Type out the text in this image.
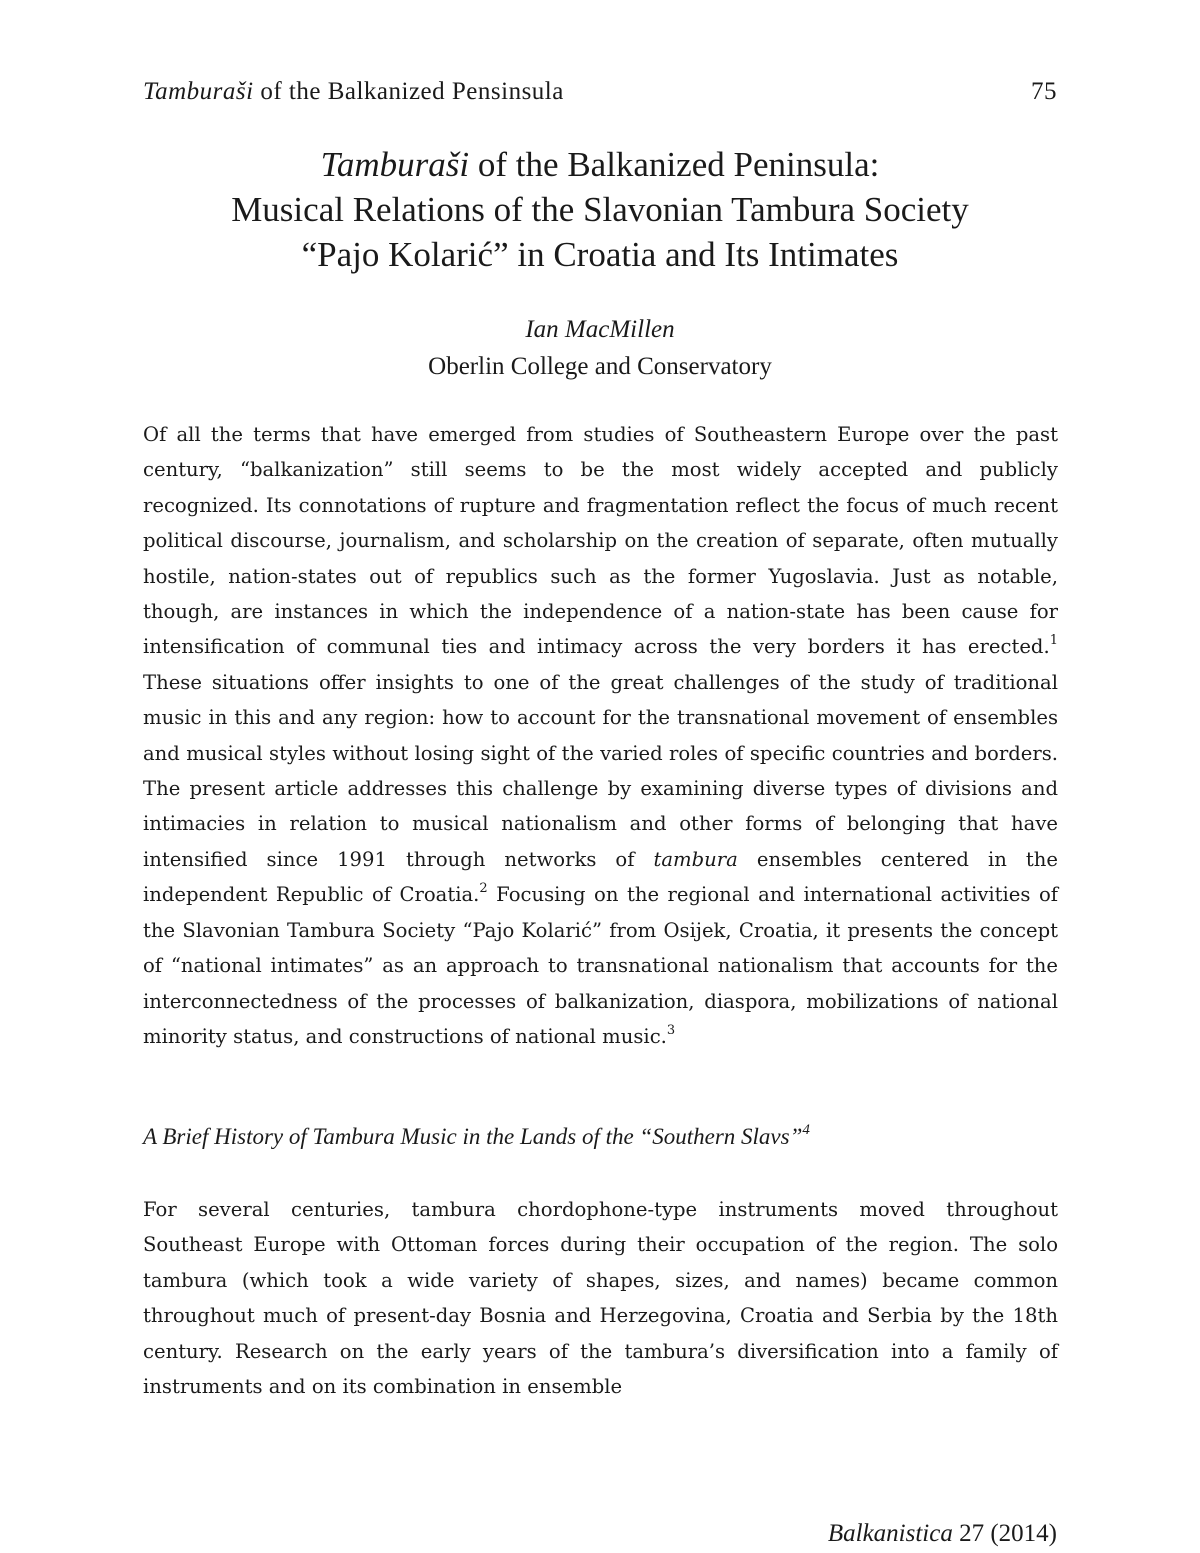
Tamburaši of the Balkanized Pensinsula	75
Tamburaši of the Balkanized Peninsula:
Musical Relations of the Slavonian Tambura Society
“Pajo Kolarić” in Croatia and Its Intimates
Ian MacMillen
Oberlin College and Conservatory
Of all the terms that have emerged from studies of Southeastern Europe over the past century, “balkanization” still seems to be the most widely accepted and publicly recognized. Its connotations of rupture and fragmentation reflect the focus of much recent political discourse, journalism, and scholarship on the creation of separate, often mutually hostile, nation-states out of republics such as the former Yugoslavia. Just as notable, though, are instances in which the independence of a nation-state has been cause for intensification of communal ties and intimacy across the very borders it has erected.$^1$ These situations offer insights to one of the great challenges of the study of traditional music in this and any region: how to account for the transnational movement of ensembles and musical styles without losing sight of the varied roles of specific countries and borders. The present article addresses this challenge by examining diverse types of divisions and intimacies in relation to musical nationalism and other forms of belonging that have intensified since 1991 through networks of tambura ensembles centered in the independent Republic of Croatia.$^2$ Focusing on the regional and international activities of the Slavonian Tambura Society “Pajo Kolarić” from Osijek, Croatia, it presents the concept of “national intimates” as an approach to transnational nationalism that accounts for the interconnectedness of the processes of balkanization, diaspora, mobilizations of national minority status, and constructions of national music.$^3$
A Brief History of Tambura Music in the Lands of the “Southern Slavs”$^4$
For several centuries, tambura chordophone-type instruments moved throughout Southeast Europe with Ottoman forces during their occupation of the region. The solo tambura (which took a wide variety of shapes, sizes, and names) became common throughout much of present-day Bosnia and Herzegovina, Croatia and Serbia by the 18th century. Research on the early years of the tambura’s diversification into a family of instruments and on its combination in ensemble
Balkanistica 27 (2014)
